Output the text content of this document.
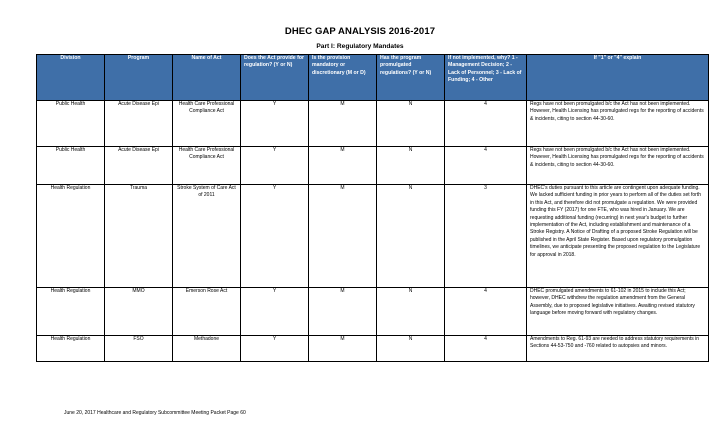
DHEC GAP ANALYSIS 2016-2017
Part I: Regulatory Mandates
Division	Program	Name of Act	Does the Act provide for regulation? (Y or N)	Is the provision mandatory or discretionary (M or D)	Has the program promulgated regulations? (Y or N)	If not implemented, why? 1 - Management Decision; 2 - Lack of Personnel; 3 - Lack of Funding; 4 - Other	If "1" or "4" explain
Public Health	Acute Disease Epi	Health Care Professional Compliance Act	Y	M	N	4	Regs have not been promulgated b/c the Act has not been implemented. However, Health Licensing has promulgated regs for the reporting of accidents & incidents, citing to section 44-30-60.
Public Health	Acute Disease Epi	Health Care Professional Compliance Act	Y	M	N	4	Regs have not been promulgated b/c the Act has not been implemented. However, Health Licensing has promulgated regs for the reporting of accidents & incidents, citing to section 44-30-60.
Health Regulation	Trauma	Stroke System of Care Act of 2011	Y	M	N	3	DHEC's duties pursuant to this article are contingent upon adequate funding. We lacked sufficient funding in prior years to perform all of the duties set forth in this Act, and therefore did not promulgate a regulation. We were provided funding this FY (2017) for one FTE, who was hired in January. We are requesting additional funding (recurring) in next year's budget to further implementation of the Act, including establishment and maintenance of a Stroke Registry. A Notice of Drafting of a proposed Stroke Regulation will be published in the April State Register. Based upon regulatory promulgation timelines, we anticipate presenting the proposed regulation to the Legislature for approval in 2018.
Health Regulation	MMO	Emerson Rose Act	Y	M	N	4	DHEC promulgated amendments to 61-102 in 2015 to include this Act; however, DHEC withdrew the regulation amendment from the General Assembly, due to proposed legislative initiatives. Awaiting revised statutory language before moving forward with regulatory changes.
Health Regulation	FSO	Methadone	Y	M	N	4	Amendments to Reg. 61-93 are needed to address statutory requirements in Sections 44-53-750 and -760 related to autopsies and minors.
June 20, 2017 Healthcare and Regulatory Subcommittee Meeting Packet Page 60
